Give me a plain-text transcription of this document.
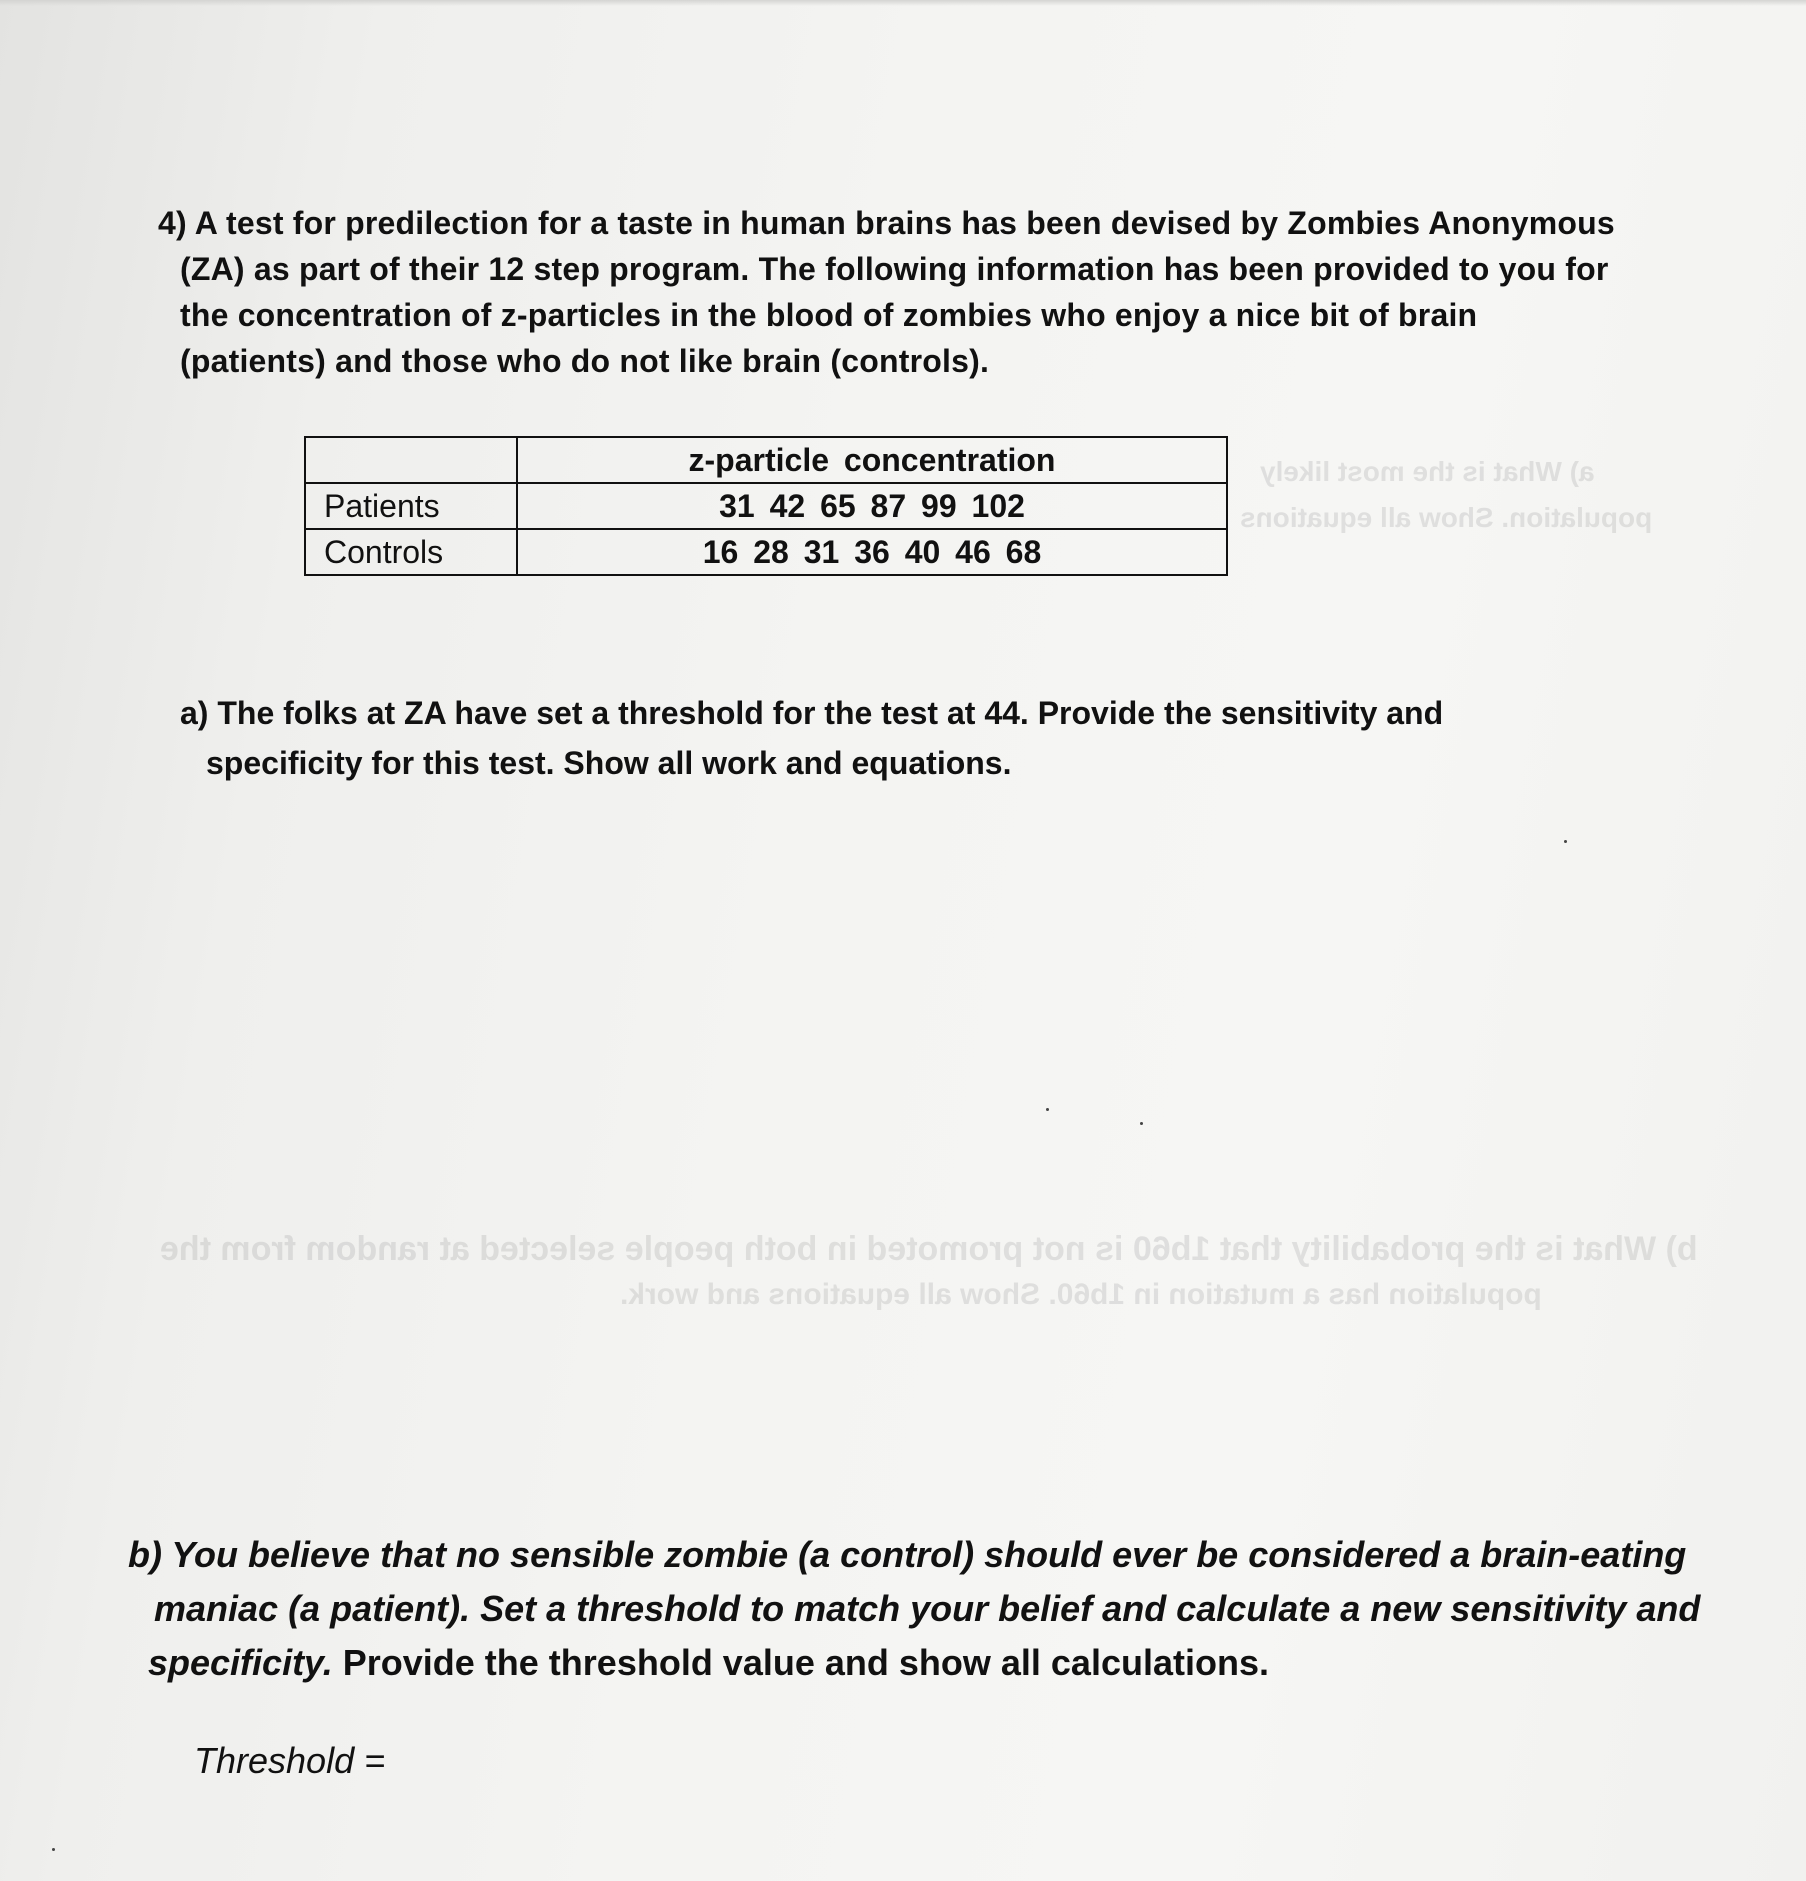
b) What is the probability that 1b60 is not promoted in both people selected at random from the
population has a mutation in 1b60. Show all equations and work.
a) What is the most likely
population. Show all equations
4) A test for predilection for a taste in human brains has been devised by Zombies Anonymous
(ZA) as part of their 12 step program. The following information has been provided to you for
the concentration of z-particles in the blood of zombies who enjoy a nice bit of brain
(patients) and those who do not like brain (controls).
	z-particle concentration
Patients	31 42 65 87 99 102
Controls	16 28 31 36 40 46 68
a) The folks at ZA have set a threshold for the test at 44. Provide the sensitivity and
specificity for this test. Show all work and equations.
b) You believe that no sensible zombie (a control) should ever be considered a brain-eating
maniac (a patient). Set a threshold to match your belief and calculate a new sensitivity and
specificity. Provide the threshold value and show all calculations.
Threshold =
